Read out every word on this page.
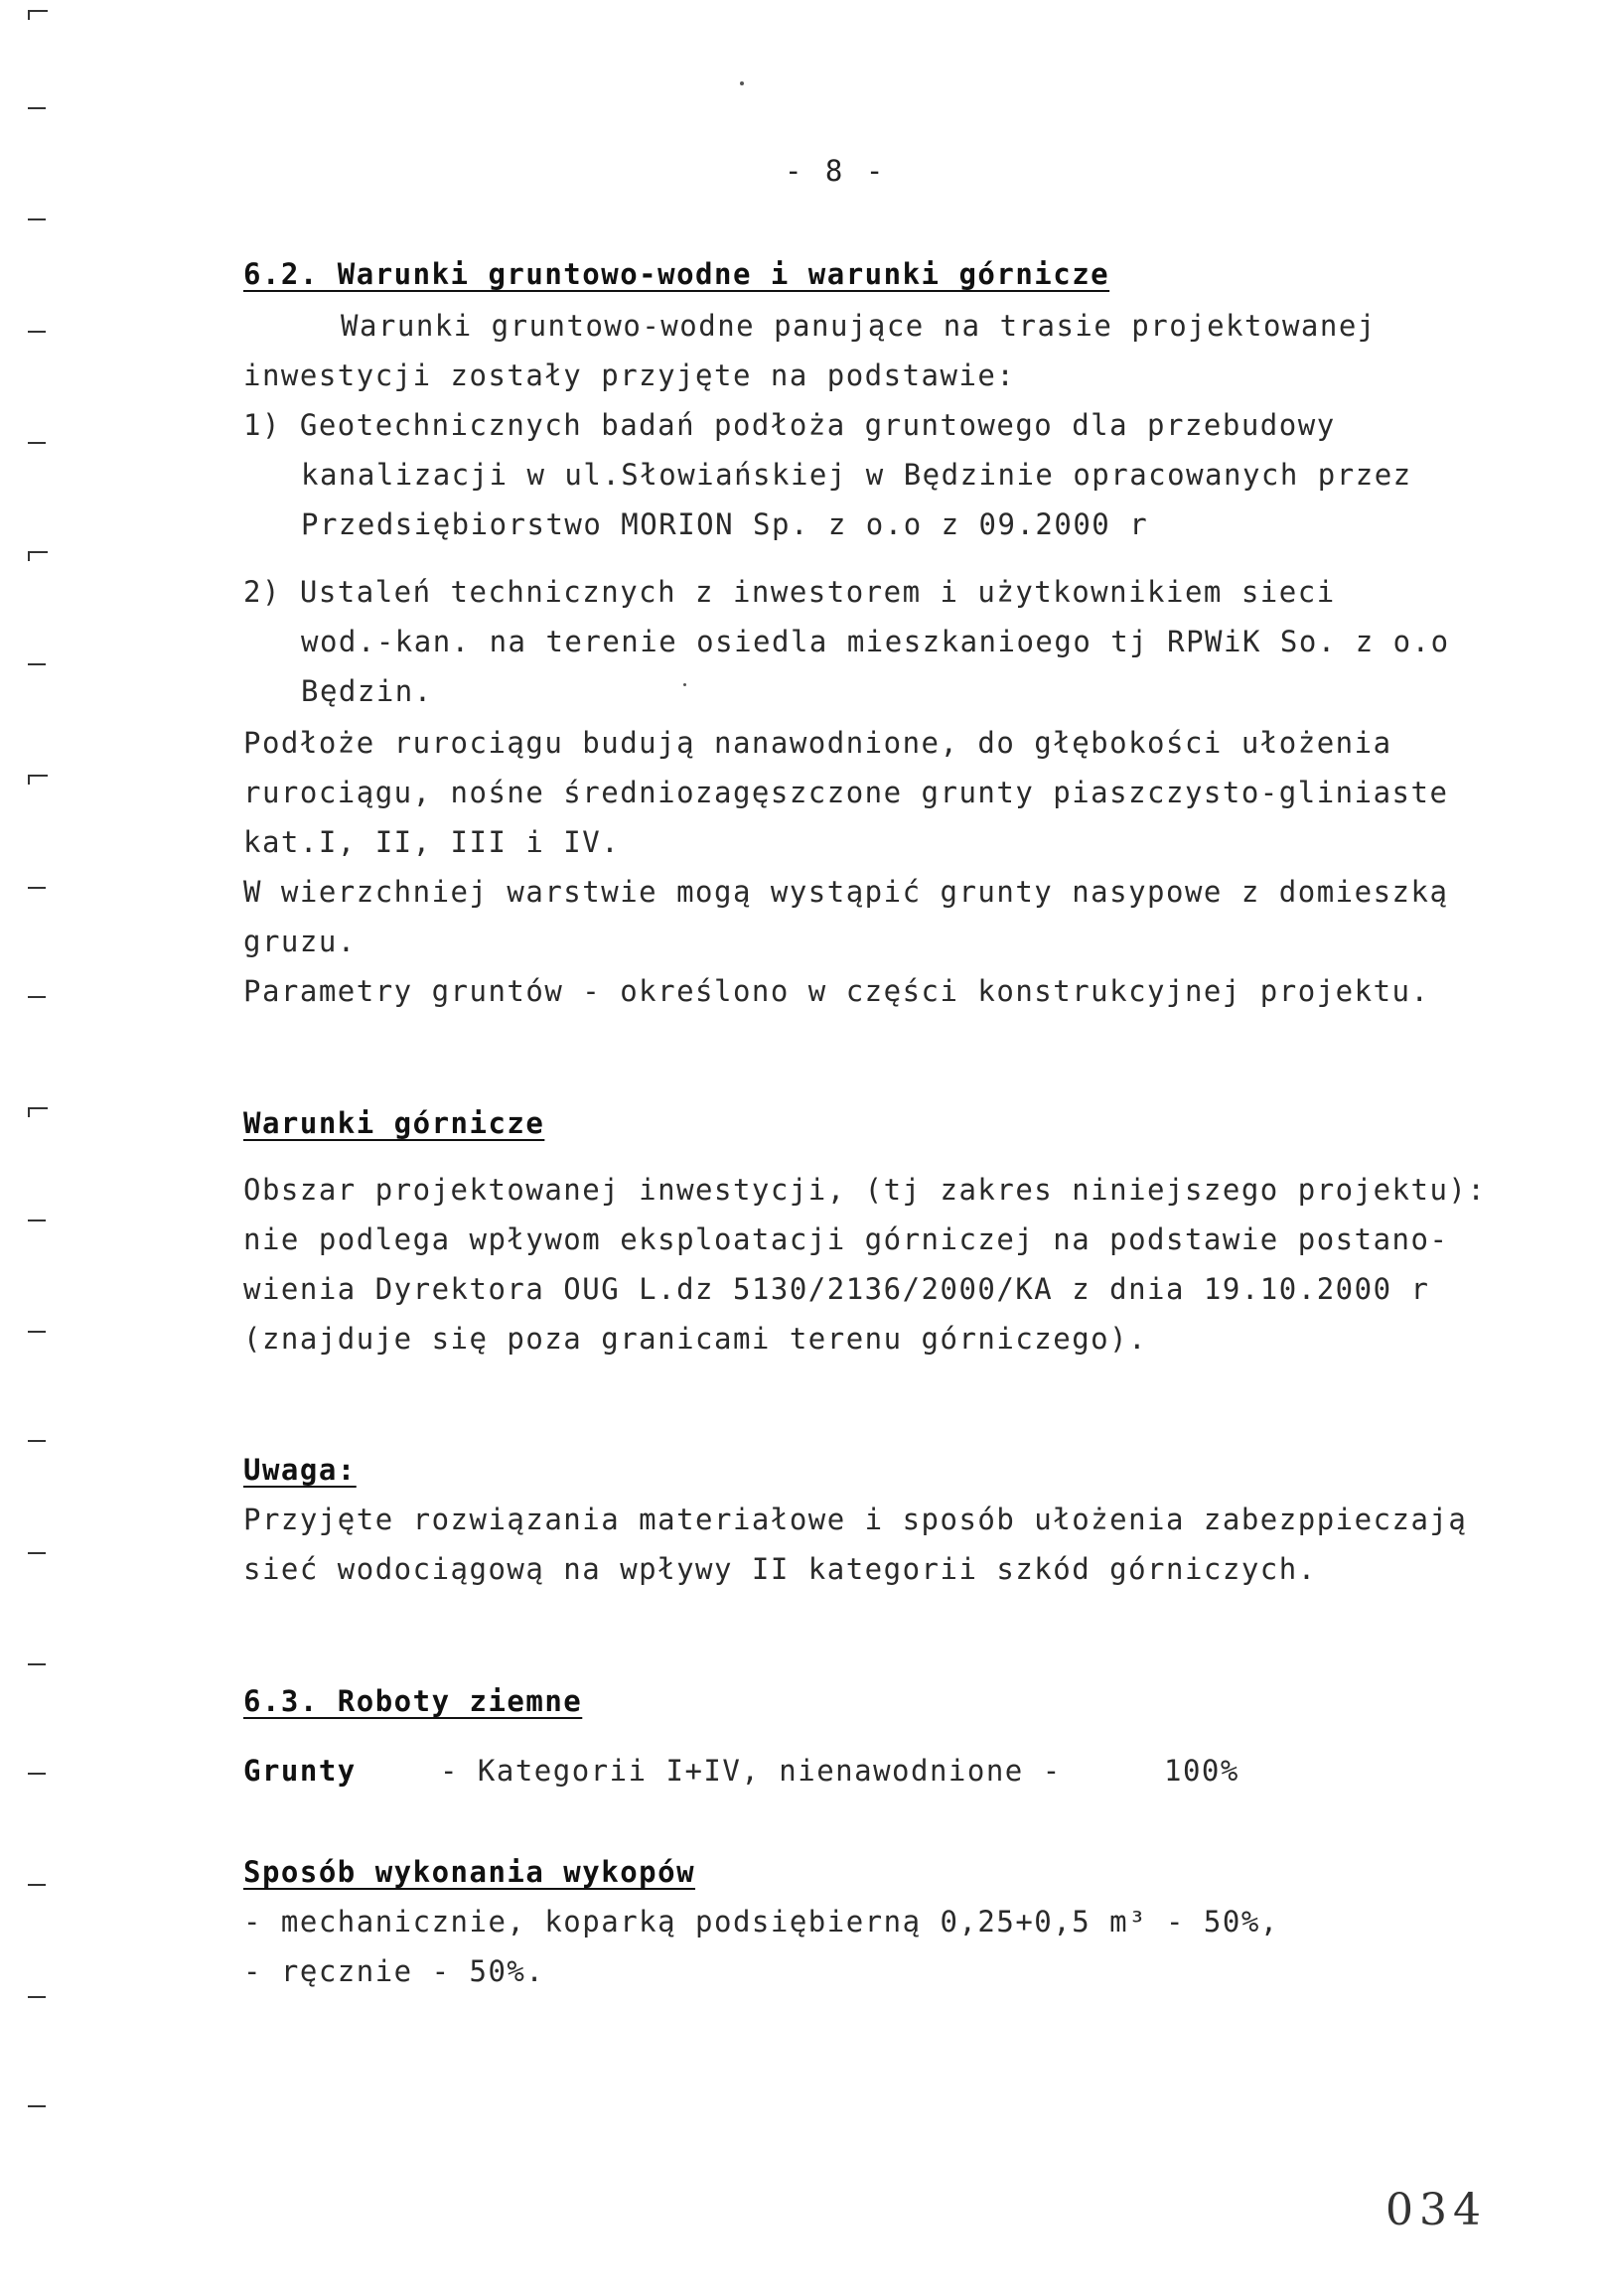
- 8 -
6.2. Warunki gruntowo-wodne i warunki górnicze
Warunki gruntowo-wodne panujące na trasie projektowanej
inwestycji zostały przyjęte na podstawie:
1) Geotechnicznych badań podłoża gruntowego dla przebudowy
kanalizacji w ul.Słowiańskiej w Będzinie opracowanych przez
Przedsiębiorstwo MORION Sp. z o.o z 09.2000 r
2) Ustaleń technicznych z inwestorem i użytkownikiem sieci
wod.-kan. na terenie osiedla mieszkanioego tj RPWiK So. z o.o
Będzin.
Podłoże rurociągu budują nanawodnione, do głębokości ułożenia
rurociągu, nośne średniozagęszczone grunty piaszczysto-gliniaste
kat.I, II, III i IV.
W wierzchniej warstwie mogą wystąpić grunty nasypowe z domieszką
gruzu.
Parametry gruntów - określono w części konstrukcyjnej projektu.
Warunki górnicze
Obszar projektowanej inwestycji, (tj zakres niniejszego projektu):
nie podlega wpływom eksploatacji górniczej na podstawie postano-
wienia Dyrektora OUG L.dz 5130/2136/2000/KA z dnia 19.10.2000 r
(znajduje się poza granicami terenu górniczego).
Uwaga:
Przyjęte rozwiązania materiałowe i sposób ułożenia zabezppieczają
sieć wodociągową na wpływy II kategorii szkód górniczych.
6.3. Roboty ziemne
Grunty	- Kategorii I+IV, nienawodnione -	100%
Sposób wykonania wykopów
- mechanicznie, koparką podsiębierną 0,25+0,5 m³ - 50%,
- ręcznie - 50%.
034
